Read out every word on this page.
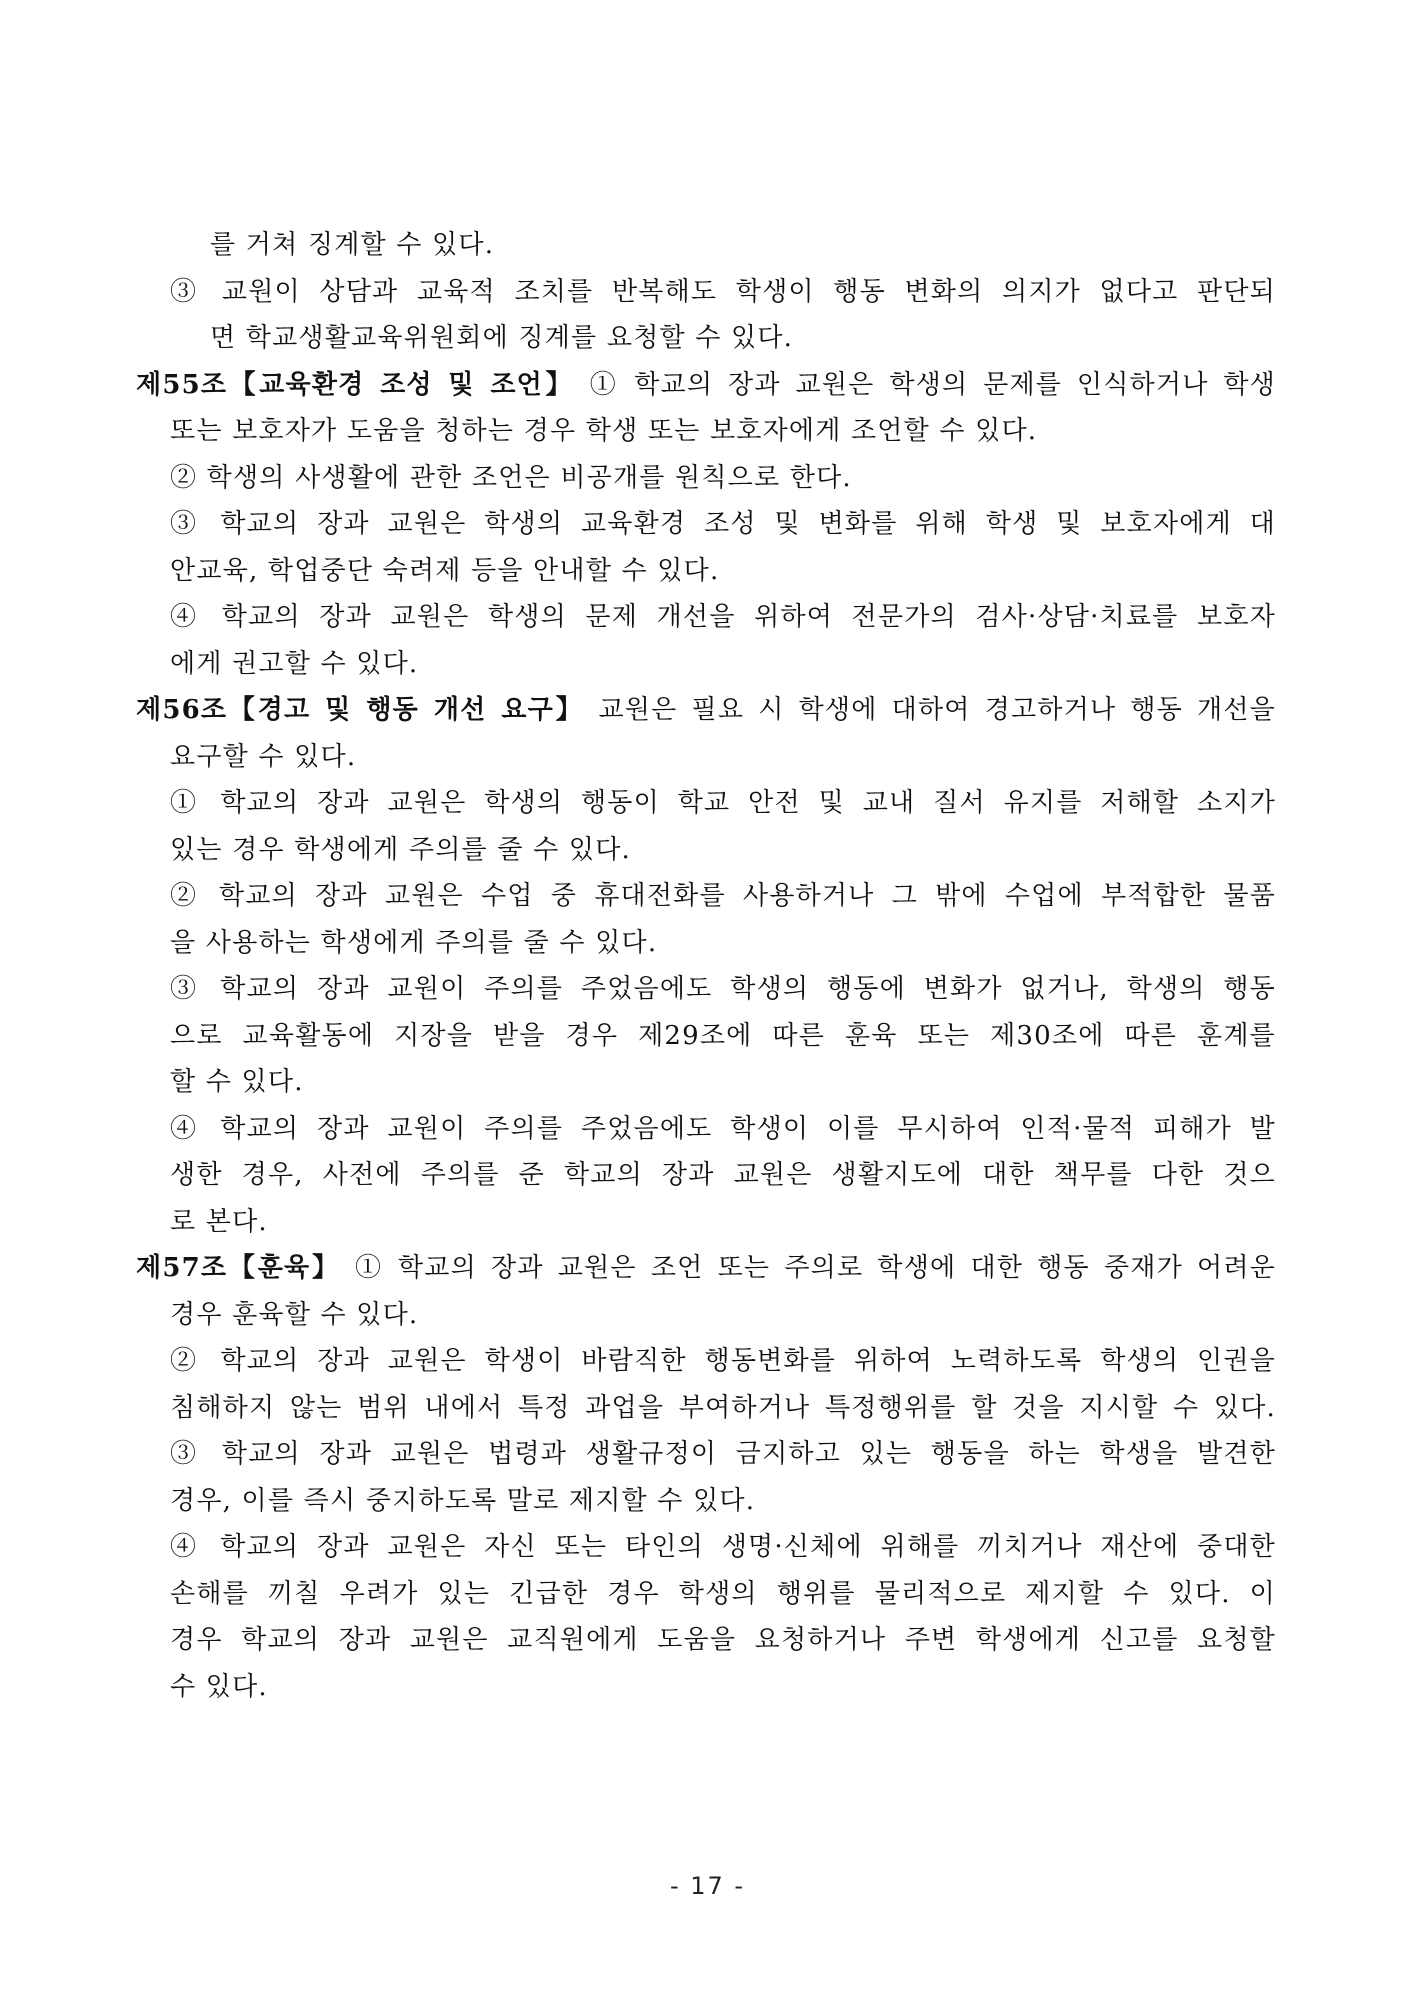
를 거쳐 징계할 수 있다.
③ 교원이 상담과 교육적 조치를 반복해도 학생이 행동 변화의 의지가 없다고 판단되
면 학교생활교육위원회에 징계를 요청할 수 있다.
제55조【교육환경 조성 및 조언】 ① 학교의 장과 교원은 학생의 문제를 인식하거나 학생
또는 보호자가 도움을 청하는 경우 학생 또는 보호자에게 조언할 수 있다.
② 학생의 사생활에 관한 조언은 비공개를 원칙으로 한다.
③ 학교의 장과 교원은 학생의 교육환경 조성 및 변화를 위해 학생 및 보호자에게 대
안교육, 학업중단 숙려제 등을 안내할 수 있다.
④ 학교의 장과 교원은 학생의 문제 개선을 위하여 전문가의 검사·상담·치료를 보호자
에게 권고할 수 있다.
제56조【경고 및 행동 개선 요구】 교원은 필요 시 학생에 대하여 경고하거나 행동 개선을
요구할 수 있다.
① 학교의 장과 교원은 학생의 행동이 학교 안전 및 교내 질서 유지를 저해할 소지가
있는 경우 학생에게 주의를 줄 수 있다.
② 학교의 장과 교원은 수업 중 휴대전화를 사용하거나 그 밖에 수업에 부적합한 물품
을 사용하는 학생에게 주의를 줄 수 있다.
③ 학교의 장과 교원이 주의를 주었음에도 학생의 행동에 변화가 없거나, 학생의 행동
으로 교육활동에 지장을 받을 경우 제29조에 따른 훈육 또는 제30조에 따른 훈계를
할 수 있다.
④ 학교의 장과 교원이 주의를 주었음에도 학생이 이를 무시하여 인적·물적 피해가 발
생한 경우, 사전에 주의를 준 학교의 장과 교원은 생활지도에 대한 책무를 다한 것으
로 본다.
제57조【훈육】 ① 학교의 장과 교원은 조언 또는 주의로 학생에 대한 행동 중재가 어려운
경우 훈육할 수 있다.
② 학교의 장과 교원은 학생이 바람직한 행동변화를 위하여 노력하도록 학생의 인권을
침해하지 않는 범위 내에서 특정 과업을 부여하거나 특정행위를 할 것을 지시할 수 있다.
③ 학교의 장과 교원은 법령과 생활규정이 금지하고 있는 행동을 하는 학생을 발견한
경우, 이를 즉시 중지하도록 말로 제지할 수 있다.
④ 학교의 장과 교원은 자신 또는 타인의 생명·신체에 위해를 끼치거나 재산에 중대한
손해를 끼칠 우려가 있는 긴급한 경우 학생의 행위를 물리적으로 제지할 수 있다. 이
경우 학교의 장과 교원은 교직원에게 도움을 요청하거나 주변 학생에게 신고를 요청할
수 있다.
- 17 -
